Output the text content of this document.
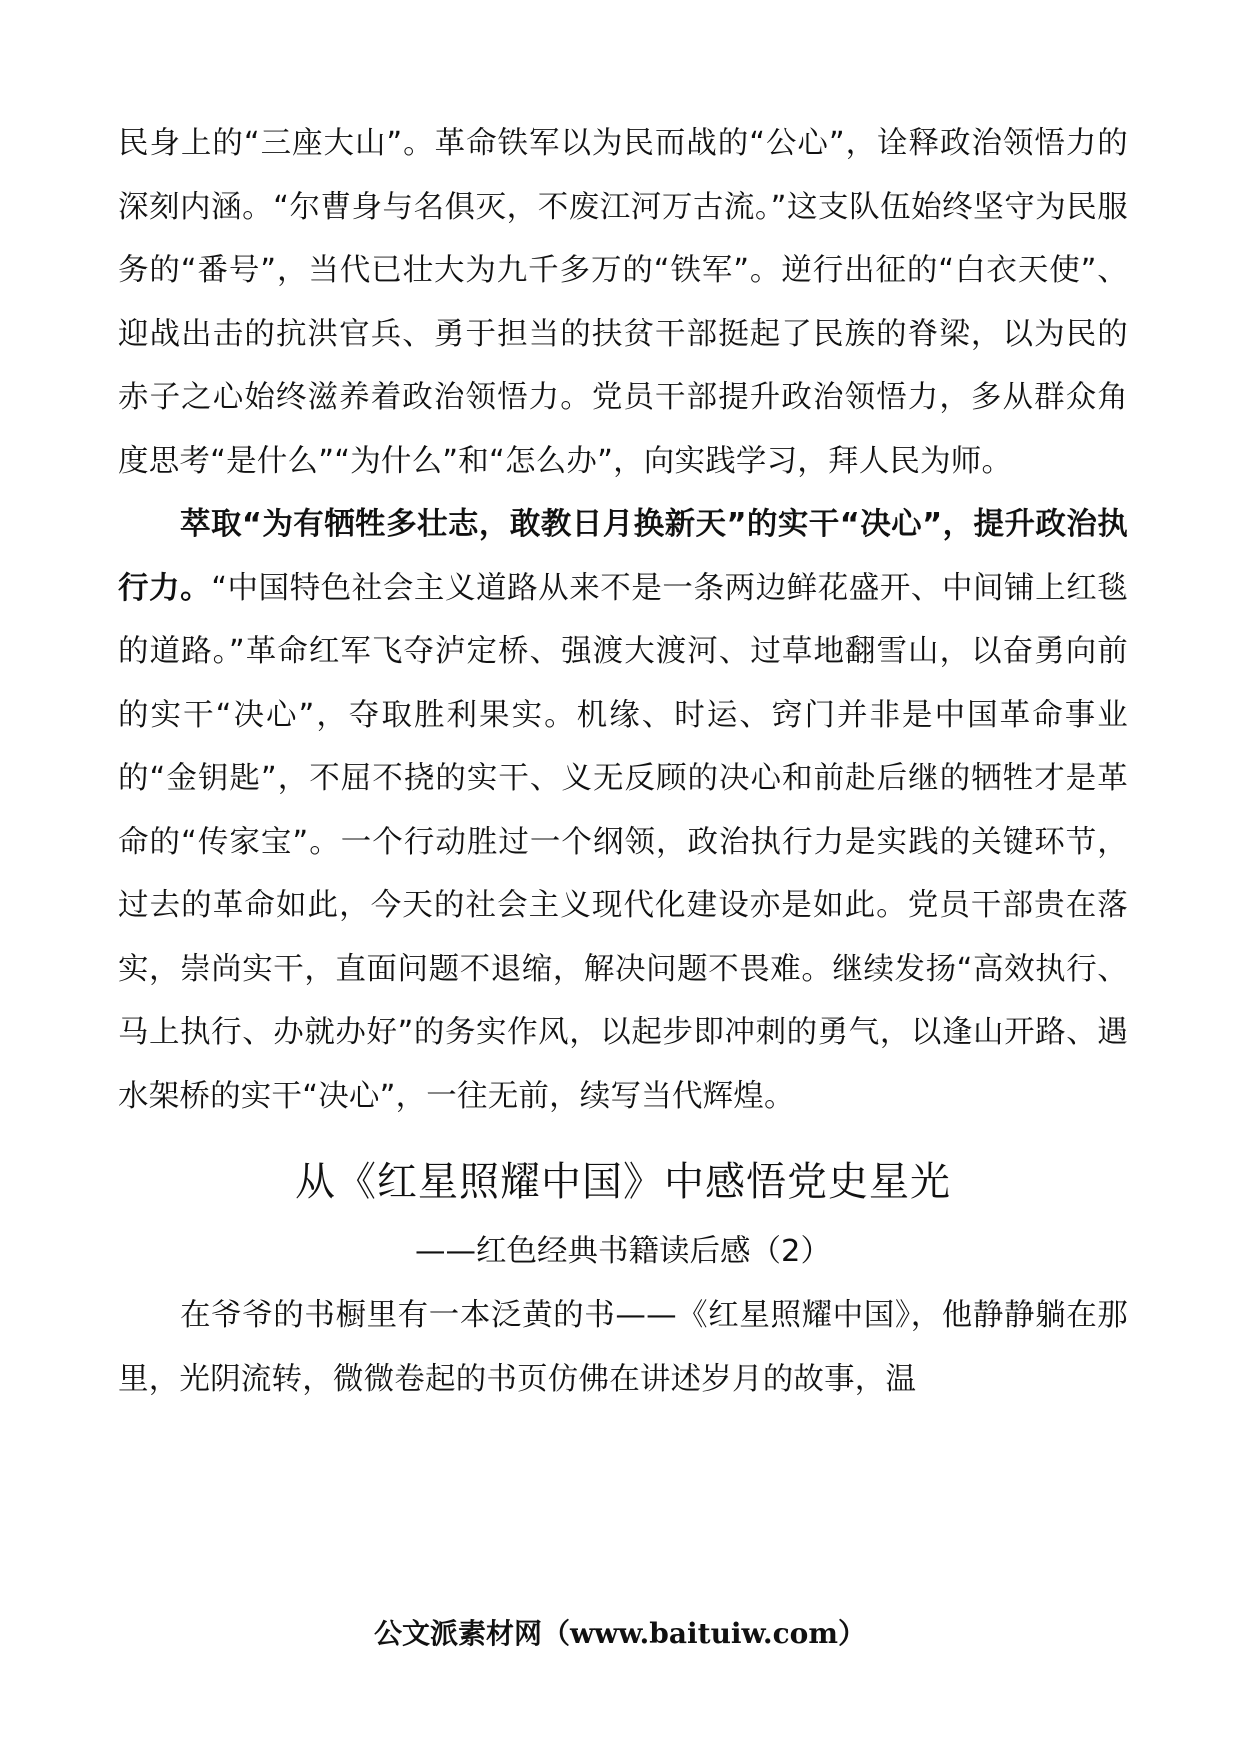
民身上的“三座大山”。革命铁军以为民而战的“公心”，诠释政治领悟力的深刻内涵。“尔曹身与名俱灭，不废江河万古流。”这支队伍始终坚守为民服务的“番号”，当代已壮大为九千多万的“铁军”。逆行出征的“白衣天使”、迎战出击的抗洪官兵、勇于担当的扶贫干部挺起了民族的脊梁，以为民的赤子之心始终滋养着政治领悟力。党员干部提升政治领悟力，多从群众角度思考“是什么”“为什么”和“怎么办”，向实践学习，拜人民为师。

萃取“为有牺牲多壮志，敢教日月换新天”的实干“决心”，提升政治执行力。“中国特色社会主义道路从来不是一条两边鲜花盛开、中间铺上红毯的道路。”革命红军飞夺泸定桥、强渡大渡河、过草地翻雪山，以奋勇向前的实干“决心”，夺取胜利果实。机缘、时运、窍门并非是中国革命事业的“金钥匙”，不屈不挠的实干、义无反顾的决心和前赴后继的牺牲才是革命的“传家宝”。一个行动胜过一个纲领，政治执行力是实践的关键环节，过去的革命如此，今天的社会主义现代化建设亦是如此。党员干部贵在落实，崇尚实干，直面问题不退缩，解决问题不畏难。继续发扬“高效执行、马上执行、办就办好”的务实作风，以起步即冲刺的勇气，以逢山开路、遇水架桥的实干“决心”，一往无前，续写当代辉煌。

从《红星照耀中国》中感悟党史星光

——红色经典书籍读后感（2）

在爷爷的书橱里有一本泛黄的书——《红星照耀中国》，他静静躺在那里，光阴流转，微微卷起的书页仿佛在讲述岁月的故事，温

公文派素材网（www.baituiw.com）
